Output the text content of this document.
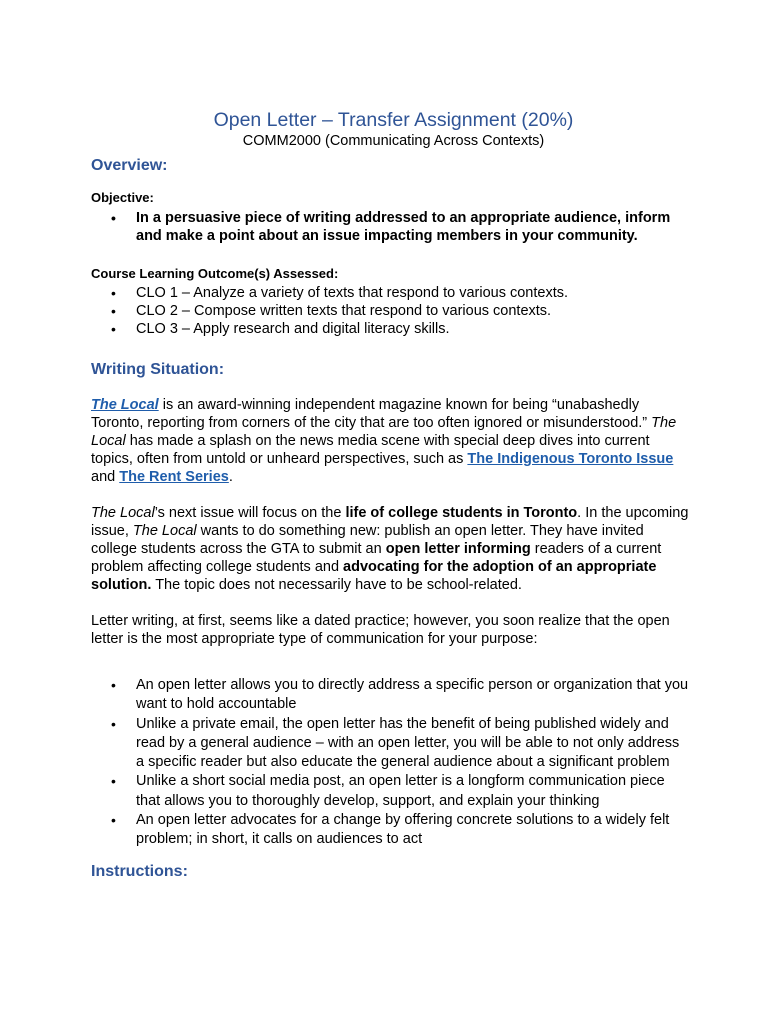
Open Letter – Transfer Assignment (20%)

COMM2000 (Communicating Across Contexts)

Overview:

Objective:

• In a persuasive piece of writing addressed to an appropriate audience, inform and make a point about an issue impacting members in your community.

Course Learning Outcome(s) Assessed:

• CLO 1 – Analyze a variety of texts that respond to various contexts.
• CLO 2 – Compose written texts that respond to various contexts.
• CLO 3 – Apply research and digital literacy skills.
Writing Situation:

The Local is an award-winning independent magazine known for being “unabashedly Toronto, reporting from corners of the city that are too often ignored or misunderstood.” The Local has made a splash on the news media scene with special deep dives into current topics, often from untold or unheard perspectives, such as The Indigenous Toronto Issue and The Rent Series.

The Local’s next issue will focus on the life of college students in Toronto. In the upcoming issue, The Local wants to do something new: publish an open letter. They have invited college students across the GTA to submit an open letter informing readers of a current problem affecting college students and advocating for the adoption of an appropriate solution. The topic does not necessarily have to be school-related.

Letter writing, at first, seems like a dated practice; however, you soon realize that the open letter is the most appropriate type of communication for your purpose:

• An open letter allows you to directly address a specific person or organization that you want to hold accountable
• Unlike a private email, the open letter has the benefit of being published widely and read by a general audience – with an open letter, you will be able to not only address a specific reader but also educate the general audience about a significant problem
• Unlike a short social media post, an open letter is a longform communication piece that allows you to thoroughly develop, support, and explain your thinking
• An open letter advocates for a change by offering concrete solutions to a widely felt problem; in short, it calls on audiences to act
Instructions:
